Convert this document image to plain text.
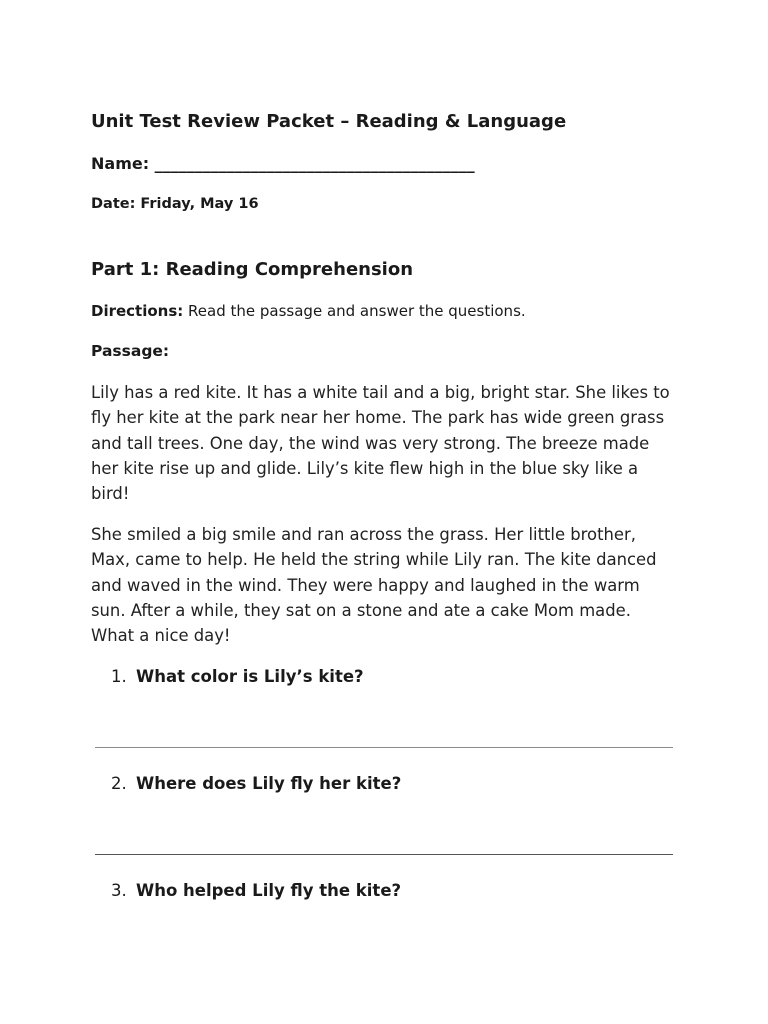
Unit Test Review Packet – Reading & Language
Name: ________________________________________
Date: Friday, May 16
Part 1: Reading Comprehension
Directions: Read the passage and answer the questions.
Passage:
Lily has a red kite. It has a white tail and a big, bright star. She likes to fly her kite at the park near her home. The park has wide green grass and tall trees. One day, the wind was very strong. The breeze made her kite rise up and glide. Lily’s kite flew high in the blue sky like a bird!
She smiled a big smile and ran across the grass. Her little brother, Max, came to help. He held the string while Lily ran. The kite danced and waved in the wind. They were happy and laughed in the warm sun. After a while, they sat on a stone and ate a cake Mom made. What a nice day!
1. What color is Lily’s kite?
2. Where does Lily fly her kite?
3. Who helped Lily fly the kite?
